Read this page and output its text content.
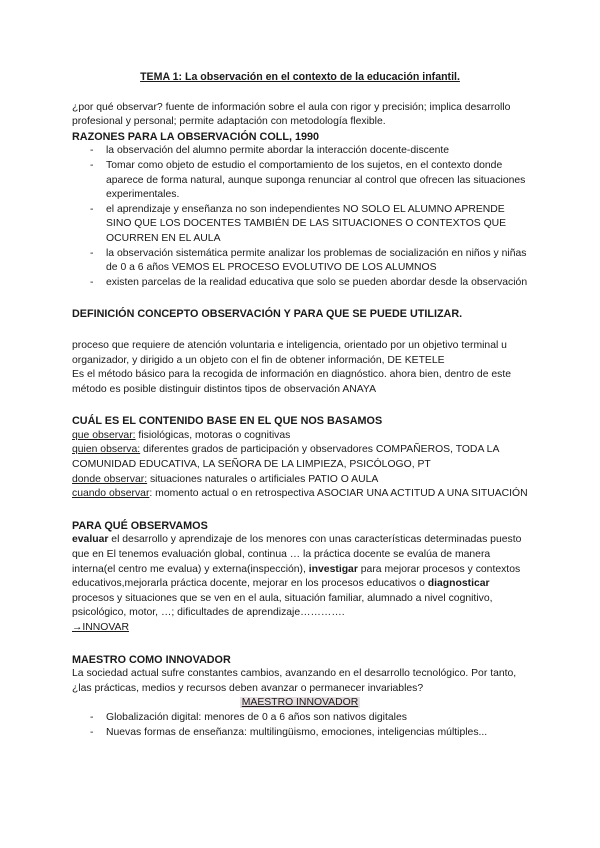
TEMA 1: La observación en el contexto de la educación infantil.

¿por qué observar? fuente de información sobre el aula con rigor y precisión; implica desarrollo profesional y personal; permite adaptación con metodología flexible.

RAZONES PARA LA OBSERVACIÓN COLL, 1990

- la observación del alumno permite abordar la interacción docente-discente
- Tomar como objeto de estudio el comportamiento de los sujetos, en el contexto donde aparece de forma natural, aunque suponga renunciar al control que ofrecen las situaciones experimentales.
- el aprendizaje y enseñanza no son independientes NO SOLO EL ALUMNO APRENDE SINO QUE LOS DOCENTES TAMBIÉN DE LAS SITUACIONES O CONTEXTOS QUE OCURREN EN EL AULA
- la observación sistemática permite analizar los problemas de socialización en niños y niñas de 0 a 6 años VEMOS EL PROCESO EVOLUTIVO DE LOS ALUMNOS
- existen parcelas de la realidad educativa que solo se pueden abordar desde la observación

DEFINICIÓN CONCEPTO OBSERVACIÓN Y PARA QUE SE PUEDE UTILIZAR.

proceso que requiere de atención voluntaria e inteligencia, orientado por un objetivo terminal u organizador, y dirigido a un objeto con el fin de obtener información, DE KETELE

Es el método básico para la recogida de información en diagnóstico. ahora bien, dentro de este método es posible distinguir distintos tipos de observación ANAYA

CUÁL ES EL CONTENIDO BASE EN EL QUE NOS BASAMOS

que observar: fisiológicas, motoras o cognitivas

quien observa: diferentes grados de participación y observadores COMPAÑEROS, TODA LA COMUNIDAD EDUCATIVA, LA SEÑORA DE LA LIMPIEZA, PSICÓLOGO, PT

donde observar: situaciones naturales o artificiales PATIO O AULA

cuando observar: momento actual o en retrospectiva ASOCIAR UNA ACTITUD A UNA SITUACIÓN

PARA QUÉ OBSERVAMOS

evaluar el desarrollo y aprendizaje de los menores con unas características determinadas puesto que en El tenemos evaluación global, continua … la práctica docente se evalúa de manera interna(el centro me evalua) y externa(inspección), investigar para mejorar procesos y contextos educativos,mejorarla práctica docente, mejorar en los procesos educativos o diagnosticar procesos y situaciones que se ven en el aula, situación familiar, alumnado a nivel cognitivo, psicológico, motor, …; dificultades de aprendizaje………….

→INNOVAR

MAESTRO COMO INNOVADOR

La sociedad actual sufre constantes cambios, avanzando en el desarrollo tecnológico. Por tanto, ¿las prácticas, medios y recursos deben avanzar o permanecer invariables?

MAESTRO INNOVADOR

- Globalización digital: menores de 0 a 6 años son nativos digitales
- Nuevas formas de enseñanza: multilingüismo, emociones, inteligencias múltiples...
